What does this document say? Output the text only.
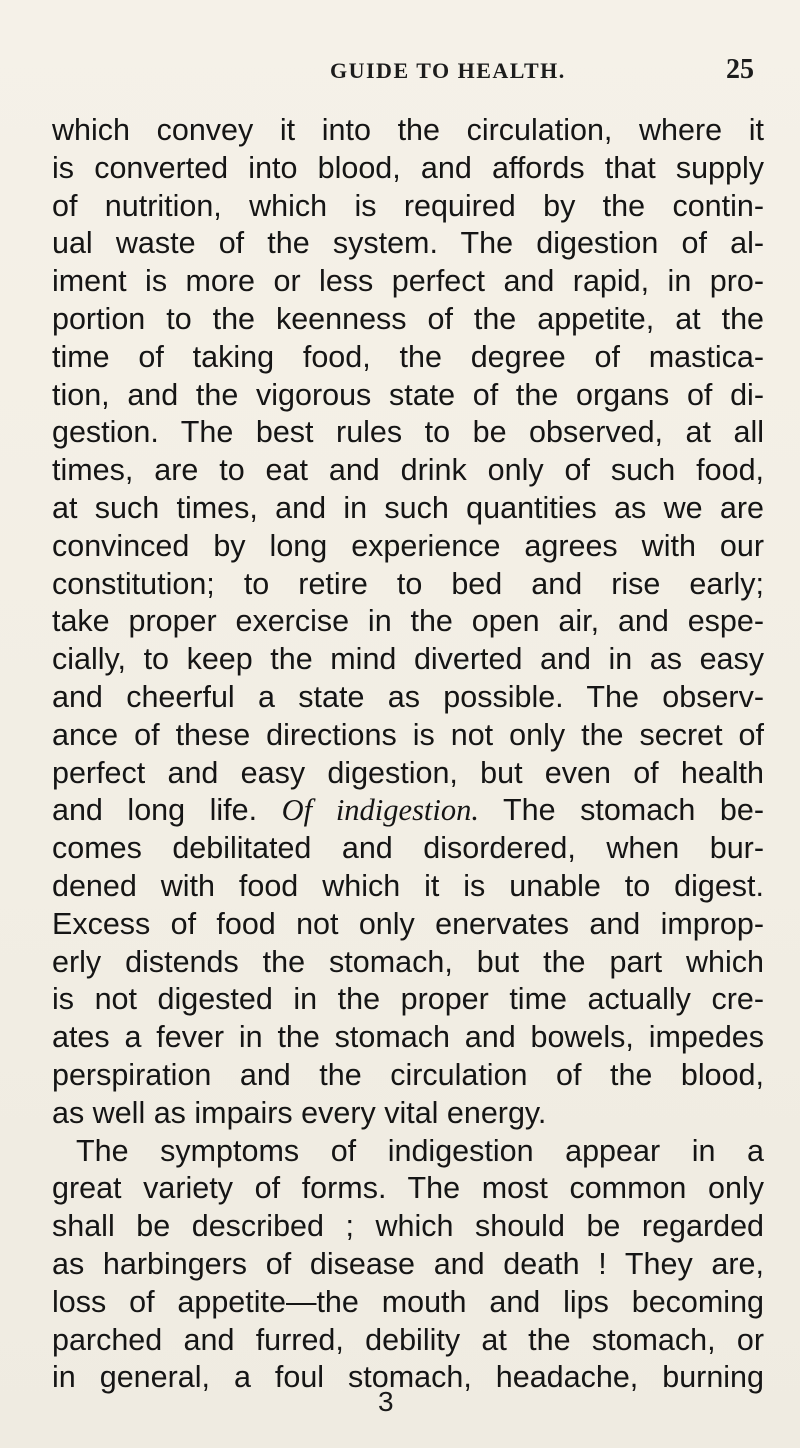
GUIDE TO HEALTH.	25
which convey it into the circulation, where it
is converted into blood, and affords that supply
of nutrition, which is required by the contin-
ual waste of the system. The digestion of al-
iment is more or less perfect and rapid, in pro-
portion to the keenness of the appetite, at the
time of taking food, the degree of mastica-
tion, and the vigorous state of the organs of di-
gestion. The best rules to be observed, at all
times, are to eat and drink only of such food,
at such times, and in such quantities as we are
convinced by long experience agrees with our
constitution; to retire to bed and rise early;
take proper exercise in the open air, and espe-
cially, to keep the mind diverted and in as easy
and cheerful a state as possible. The observ-
ance of these directions is not only the secret of
perfect and easy digestion, but even of health
and long life. Of indigestion. The stomach be-
comes debilitated and disordered, when bur-
dened with food which it is unable to digest.
Excess of food not only enervates and improp-
erly distends the stomach, but the part which
is not digested in the proper time actually cre-
ates a fever in the stomach and bowels, impedes
perspiration and the circulation of the blood,
as well as impairs every vital energy.
The symptoms of indigestion appear in a
great variety of forms. The most common only
shall be described ; which should be regarded
as harbingers of disease and death ! They are,
loss of appetite—the mouth and lips becoming
parched and furred, debility at the stomach, or
in general, a foul stomach, headache, burning
3
